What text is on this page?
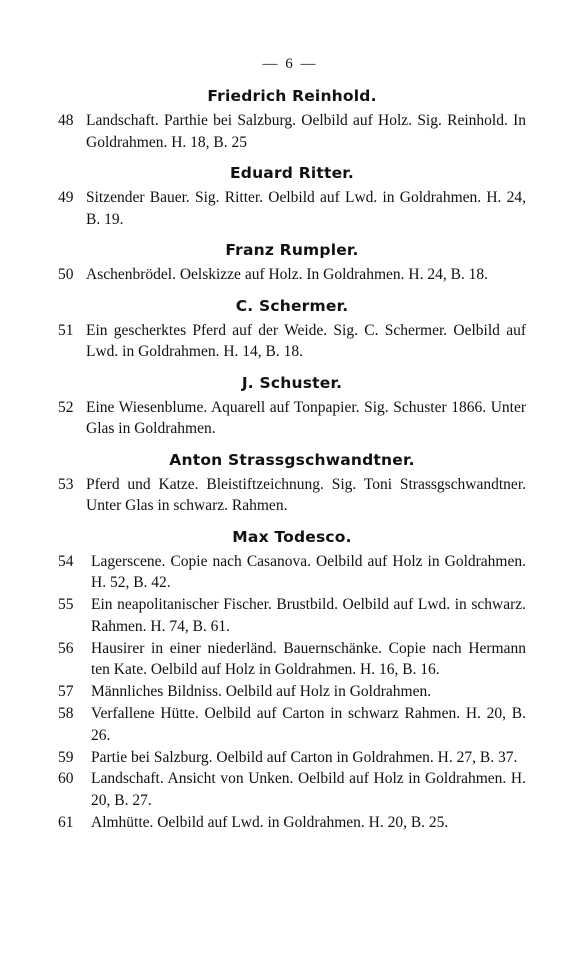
— 6 —
Friedrich Reinhold.
48 Landschaft. Parthie bei Salzburg. Oelbild auf Holz. Sig. Reinhold. In Goldrahmen. H. 18, B. 25
Eduard Ritter.
49 Sitzender Bauer. Sig. Ritter. Oelbild auf Lwd. in Goldrahmen. H. 24, B. 19.
Franz Rumpler.
50 Aschenbrödel. Oelskizze auf Holz. In Goldrahmen. H. 24, B. 18.
C. Schermer.
51 Ein gescherktes Pferd auf der Weide. Sig. C. Schermer. Oelbild auf Lwd. in Goldrahmen. H. 14, B. 18.
J. Schuster.
52 Eine Wiesenblume. Aquarell auf Tonpapier. Sig. Schuster 1866. Unter Glas in Goldrahmen.
Anton Strassgschwandtner.
53 Pferd und Katze. Bleistiftzeichnung. Sig. Toni Strassgschwandtner. Unter Glas in schwarz. Rahmen.
Max Todesco.
54	Lagerscene. Copie nach Casanova. Oelbild auf Holz in Goldrahmen. H. 52, B. 42.
55	Ein neapolitanischer Fischer. Brustbild. Oelbild auf Lwd. in schwarz. Rahmen. H. 74, B. 61.
56	Hausirer in einer niederländ. Bauernschänke. Copie nach Hermann ten Kate. Oelbild auf Holz in Goldrahmen. H. 16, B. 16.
57	Männliches Bildniss. Oelbild auf Holz in Goldrahmen.
58	Verfallene Hütte. Oelbild auf Carton in schwarz Rahmen. H. 20, B. 26.
59	Partie bei Salzburg. Oelbild auf Carton in Goldrahmen. H. 27, B. 37.
60	Landschaft. Ansicht von Unken. Oelbild auf Holz in Goldrahmen. H. 20, B. 27.
61	Almhütte. Oelbild auf Lwd. in Goldrahmen. H. 20, B. 25.
